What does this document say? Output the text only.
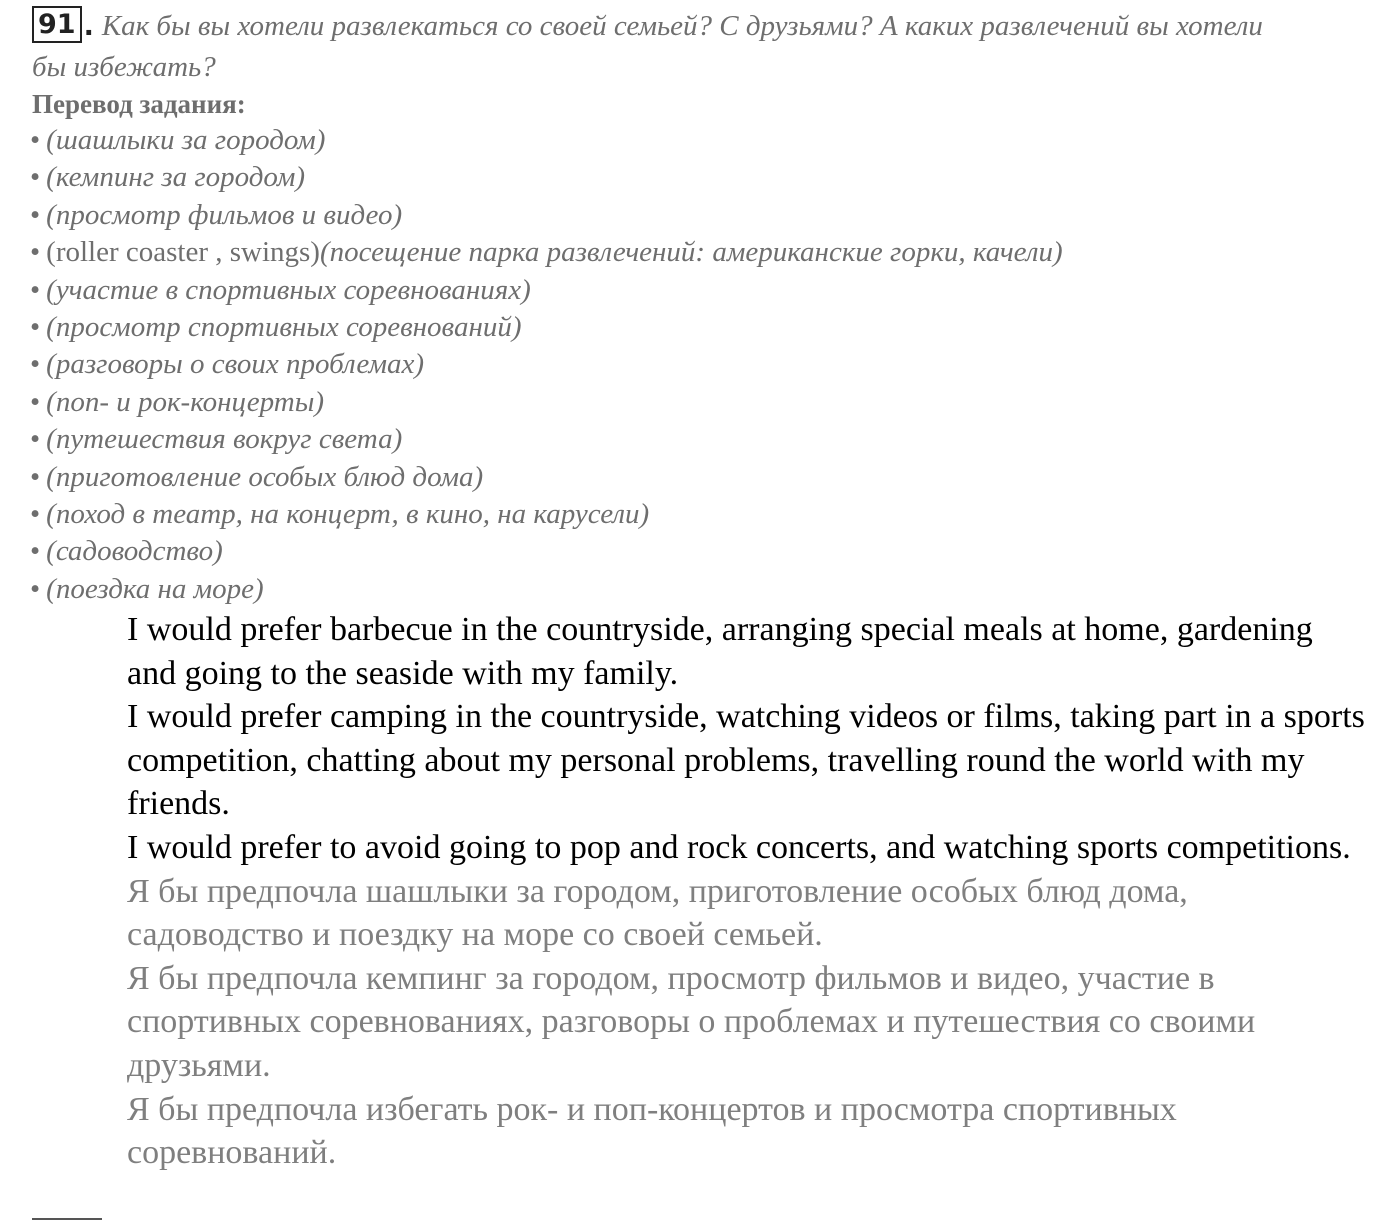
91 . Как бы вы хотели развлекаться со своей семьей? С друзьями? А каких развлечений вы хотели бы избежать?
Перевод задания:
• (шашлыки за городом)
• (кемпинг за городом)
• (просмотр фильмов и видео)
• (roller coaster , swings)(посещение парка развлечений: американские горки, качели)
• (участие в спортивных соревнованиях)
• (просмотр спортивных соревнований)
• (разговоры о своих проблемах)
• (поп- и рок-концерты)
• (путешествия вокруг света)
• (приготовление особых блюд дома)
• (поход в театр, на концерт, в кино, на карусели)
• (садоводство)
• (поездка на море)

I would prefer barbecue in the countryside, arranging special meals at home, gardening and going to the seaside with my family.

I would prefer camping in the countryside, watching videos or films, taking part in a sports competition, chatting about my personal problems, travelling round the world with my friends.

I would prefer to avoid going to pop and rock concerts, and watching sports competitions.

Я бы предпочла шашлыки за городом, приготовление особых блюд дома, садоводство и поездку на море со своей семьей.

Я бы предпочла кемпинг за городом, просмотр фильмов и видео, участие в спортивных соревнованиях, разговоры о проблемах и путешествия со своими друзьями.

Я бы предпочла избегать рок- и поп-концертов и просмотра спортивных соревнований.
